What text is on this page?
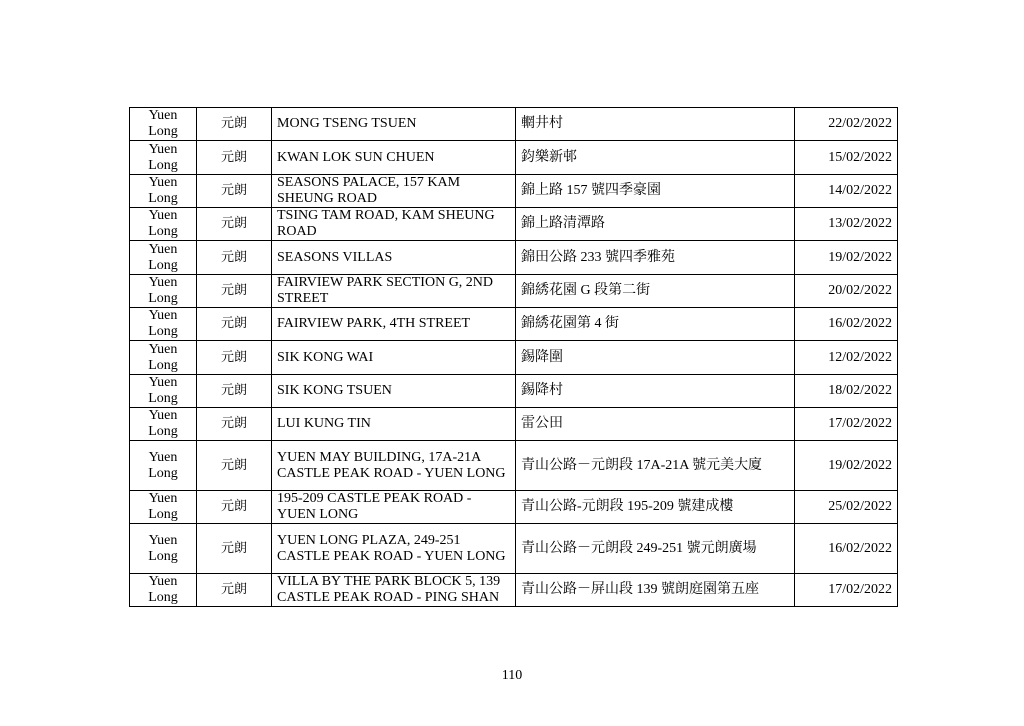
Yuen Long	元朗	MONG TSENG TSUEN	輞井村	22/02/2022
Yuen Long	元朗	KWAN LOK SUN CHUEN	鈞樂新邨	15/02/2022
Yuen Long	元朗	SEASONS PALACE, 157 KAM SHEUNG ROAD	錦上路 157 號四季豪園	14/02/2022
Yuen Long	元朗	TSING TAM ROAD, KAM SHEUNG ROAD	錦上路清潭路	13/02/2022
Yuen Long	元朗	SEASONS VILLAS	錦田公路 233 號四季雅苑	19/02/2022
Yuen Long	元朗	FAIRVIEW PARK SECTION G, 2ND STREET	錦綉花園 G 段第二街	20/02/2022
Yuen Long	元朗	FAIRVIEW PARK, 4TH STREET	錦綉花園第 4 街	16/02/2022
Yuen Long	元朗	SIK KONG WAI	錫降圍	12/02/2022
Yuen Long	元朗	SIK KONG TSUEN	錫降村	18/02/2022
Yuen Long	元朗	LUI KUNG TIN	雷公田	17/02/2022
Yuen Long	元朗	YUEN MAY BUILDING, 17A-21A CASTLE PEAK ROAD - YUEN LONG	青山公路－元朗段 17A-21A 號元美大廈	19/02/2022
Yuen Long	元朗	195-209 CASTLE PEAK ROAD - YUEN LONG	青山公路-元朗段 195-209 號建成樓	25/02/2022
Yuen Long	元朗	YUEN LONG PLAZA, 249-251 CASTLE PEAK ROAD - YUEN LONG	青山公路－元朗段 249-251 號元朗廣場	16/02/2022
Yuen Long	元朗	VILLA BY THE PARK BLOCK 5, 139 CASTLE PEAK ROAD - PING SHAN	青山公路－屏山段 139 號朗庭園第五座	17/02/2022
110
